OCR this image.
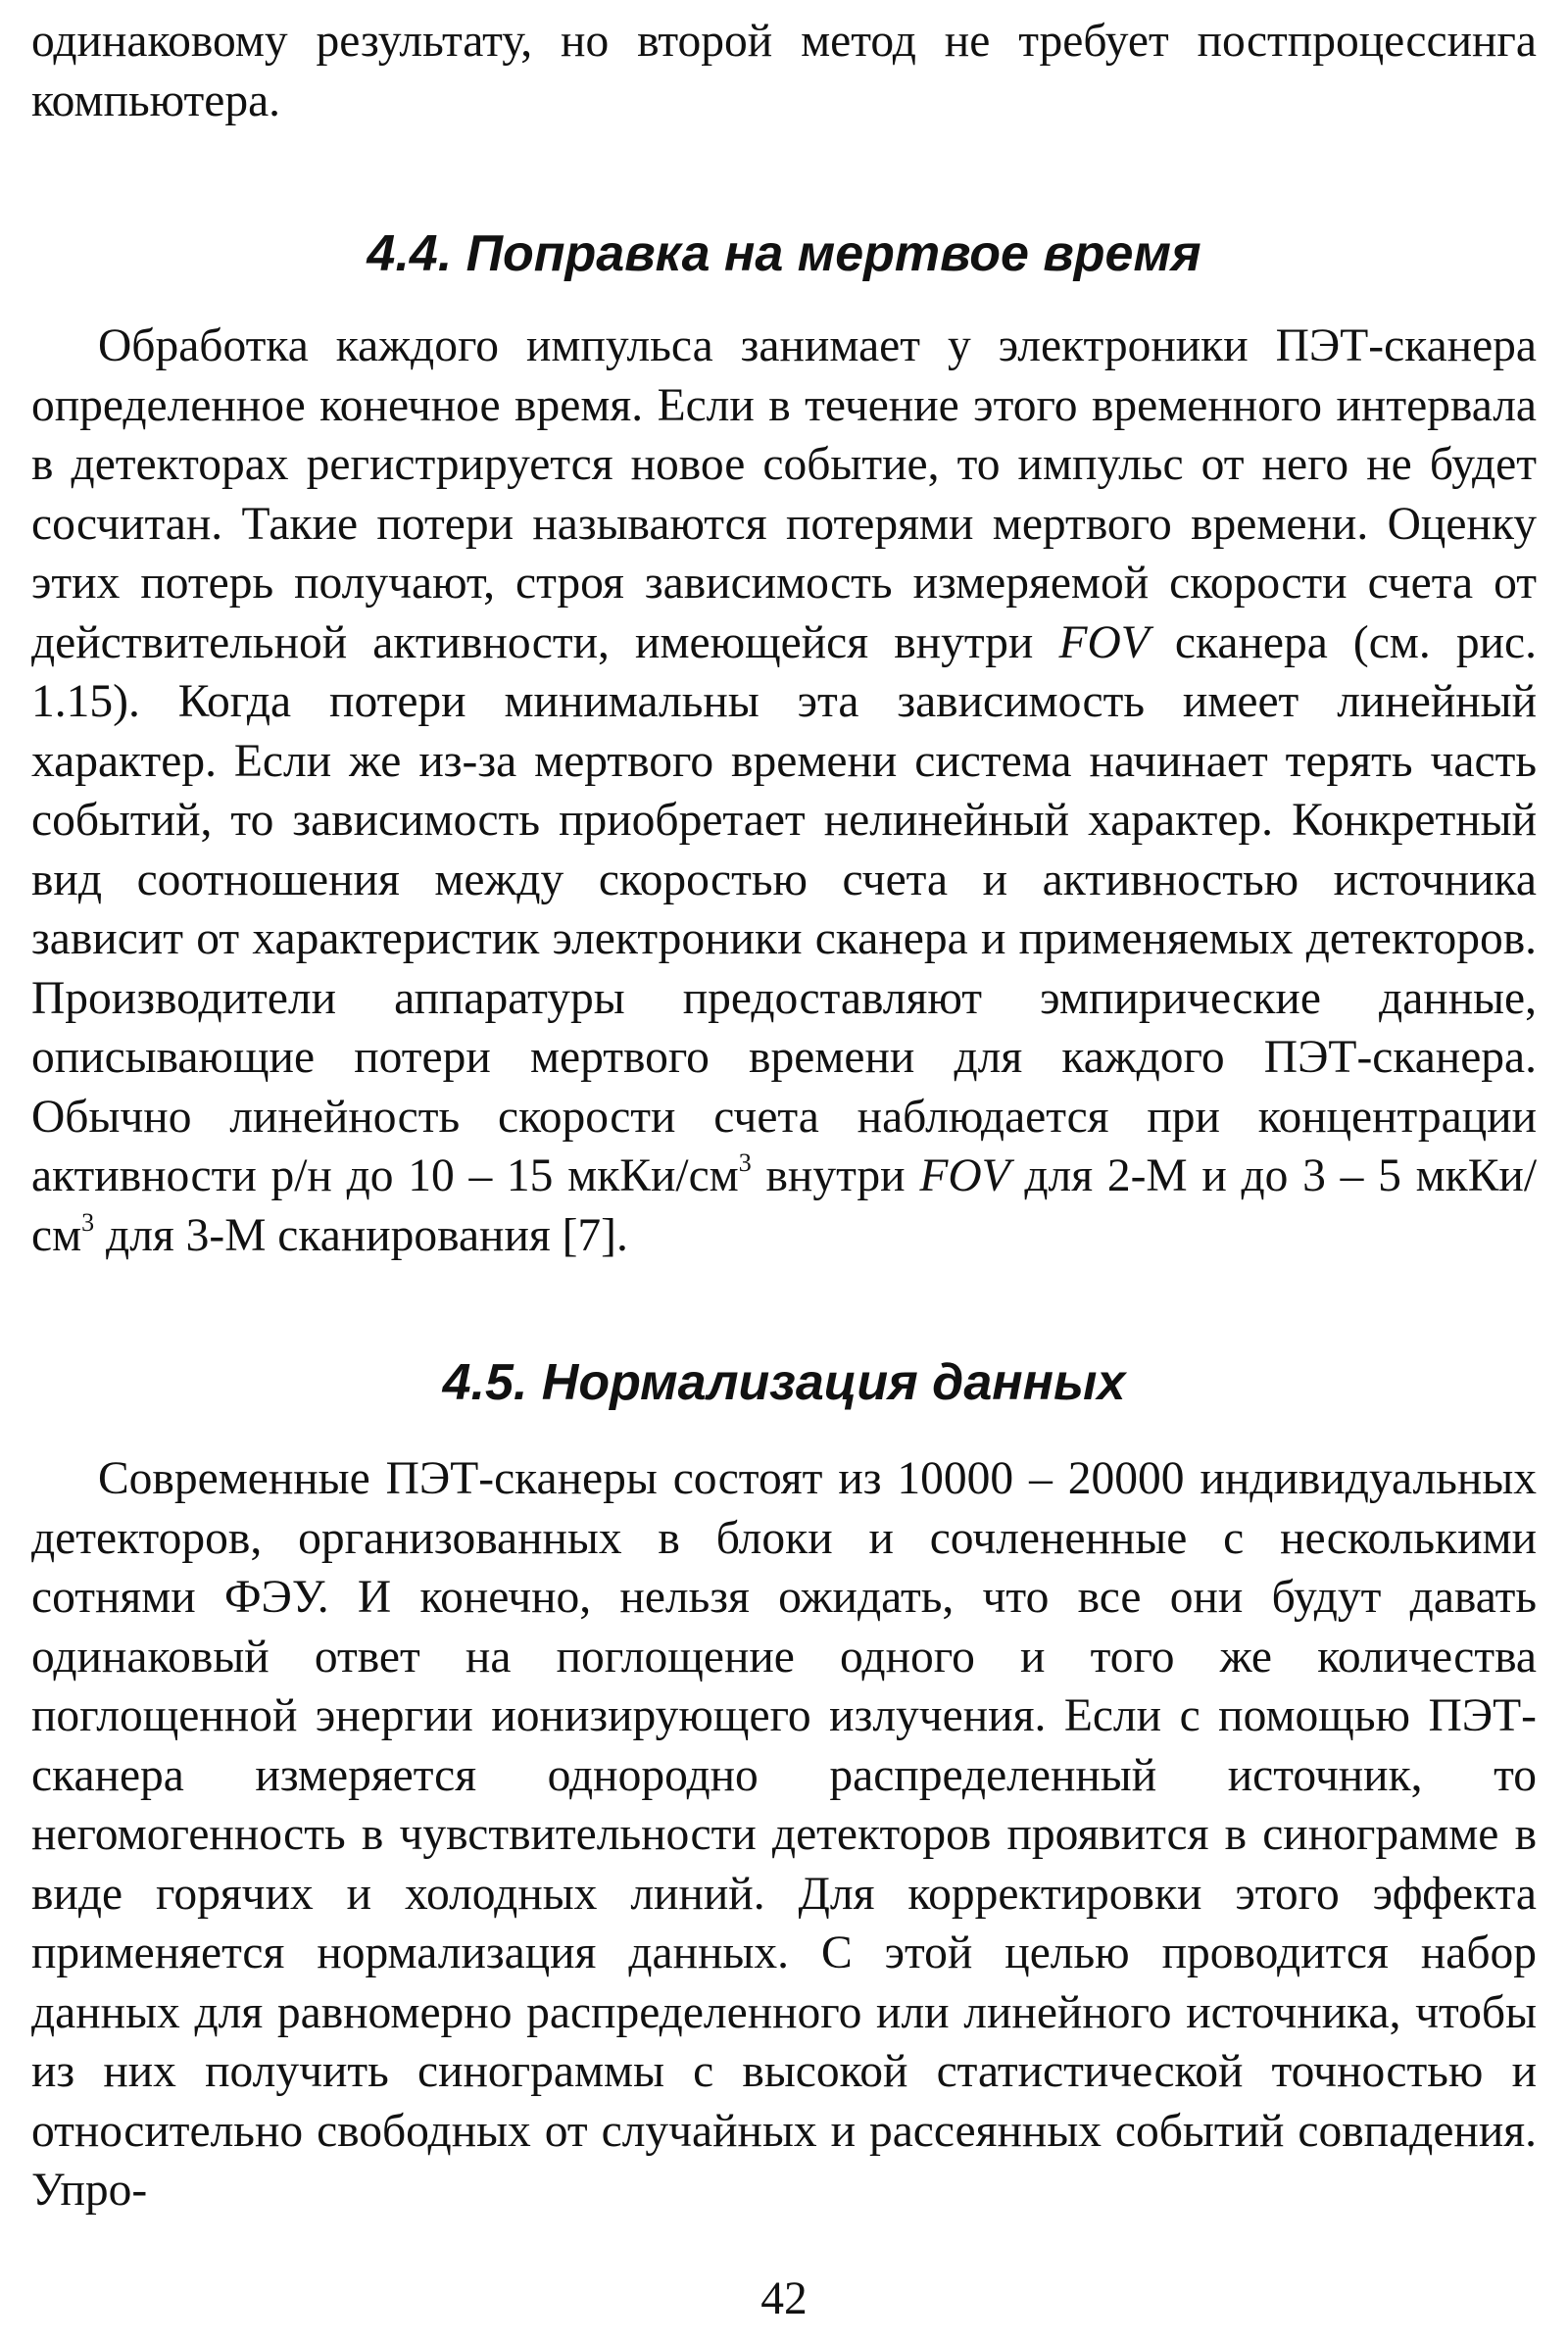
одинаковому результату, но второй метод не требует постпроцессинга компьютера.

4.4. Поправка на мертвое время

Обработка каждого импульса занимает у электроники ПЭТ-сканера определенное конечное время. Если в течение этого временного интервала в детекторах регистрируется новое событие, то импульс от него не будет сосчитан. Такие потери называются потерями мертвого времени. Оценку этих потерь получают, строя зависимость измеряемой скорости счета от действительной активности, имеющейся внутри FOV сканера (см. рис. 1.15). Когда потери минимальны эта зависимость имеет линейный характер. Если же из-за мертвого времени система начинает терять часть событий, то зависимость приобретает нелинейный характер. Конкретный вид соотношения между скоростью счета и активностью источника зависит от характеристик электроники сканера и применяемых детекторов. Производители аппаратуры предоставляют эмпирические данные, описывающие потери мертвого времени для каждого ПЭТ-сканера. Обычно линейность скорости счета наблюдается при концентрации активности р/н до 10 – 15 мкКи/$см^3$ внутри FOV для 2-М и до 3 – 5 мкКи/$см^3$ для 3-М сканирования [7].

4.5. Нормализация данных

Современные ПЭТ-сканеры состоят из 10000 – 20000 индивидуальных детекторов, организованных в блоки и сочлененные с несколькими сотнями ФЭУ. И конечно, нельзя ожидать, что все они будут давать одинаковый ответ на поглощение одного и того же количества поглощенной энергии ионизирующего излучения. Если с помощью ПЭТ-сканера измеряется однородно распределенный источник, то негомогенность в чувствительности детекторов проявится в синограмме в виде горячих и холодных линий. Для корректировки этого эффекта применяется нормализация данных. С этой целью проводится набор данных для равномерно распределенного или линейного источника, чтобы из них получить синограммы с высокой статистической точностью и относительно свободных от случайных и рассеянных событий совпадения. Упро-

42
